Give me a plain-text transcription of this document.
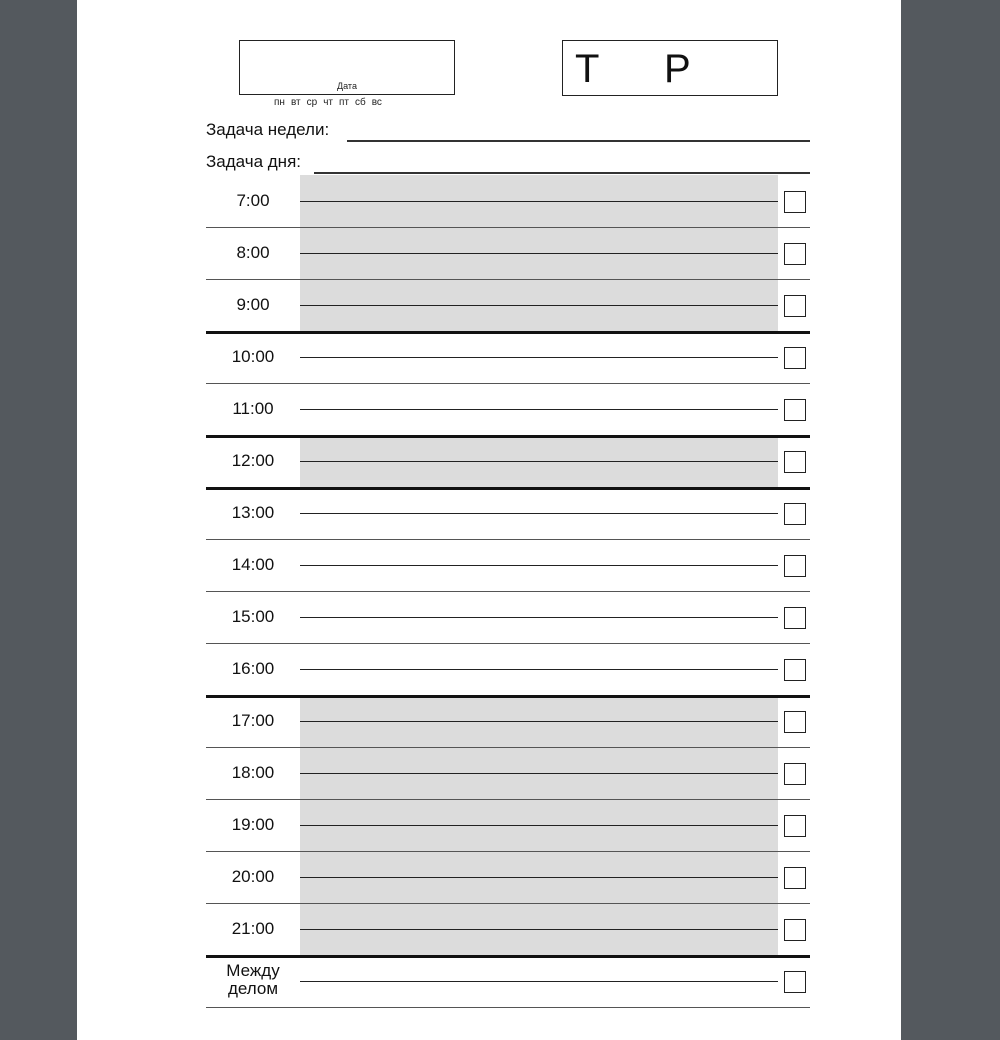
Дата
пн вт ср чт пт сб вс
Т Р
Задача недели:
Задача дня:
7:00
8:00
9:00
10:00
11:00
12:00
13:00
14:00
15:00
16:00
17:00
18:00
19:00
20:00
21:00
Между
делом
